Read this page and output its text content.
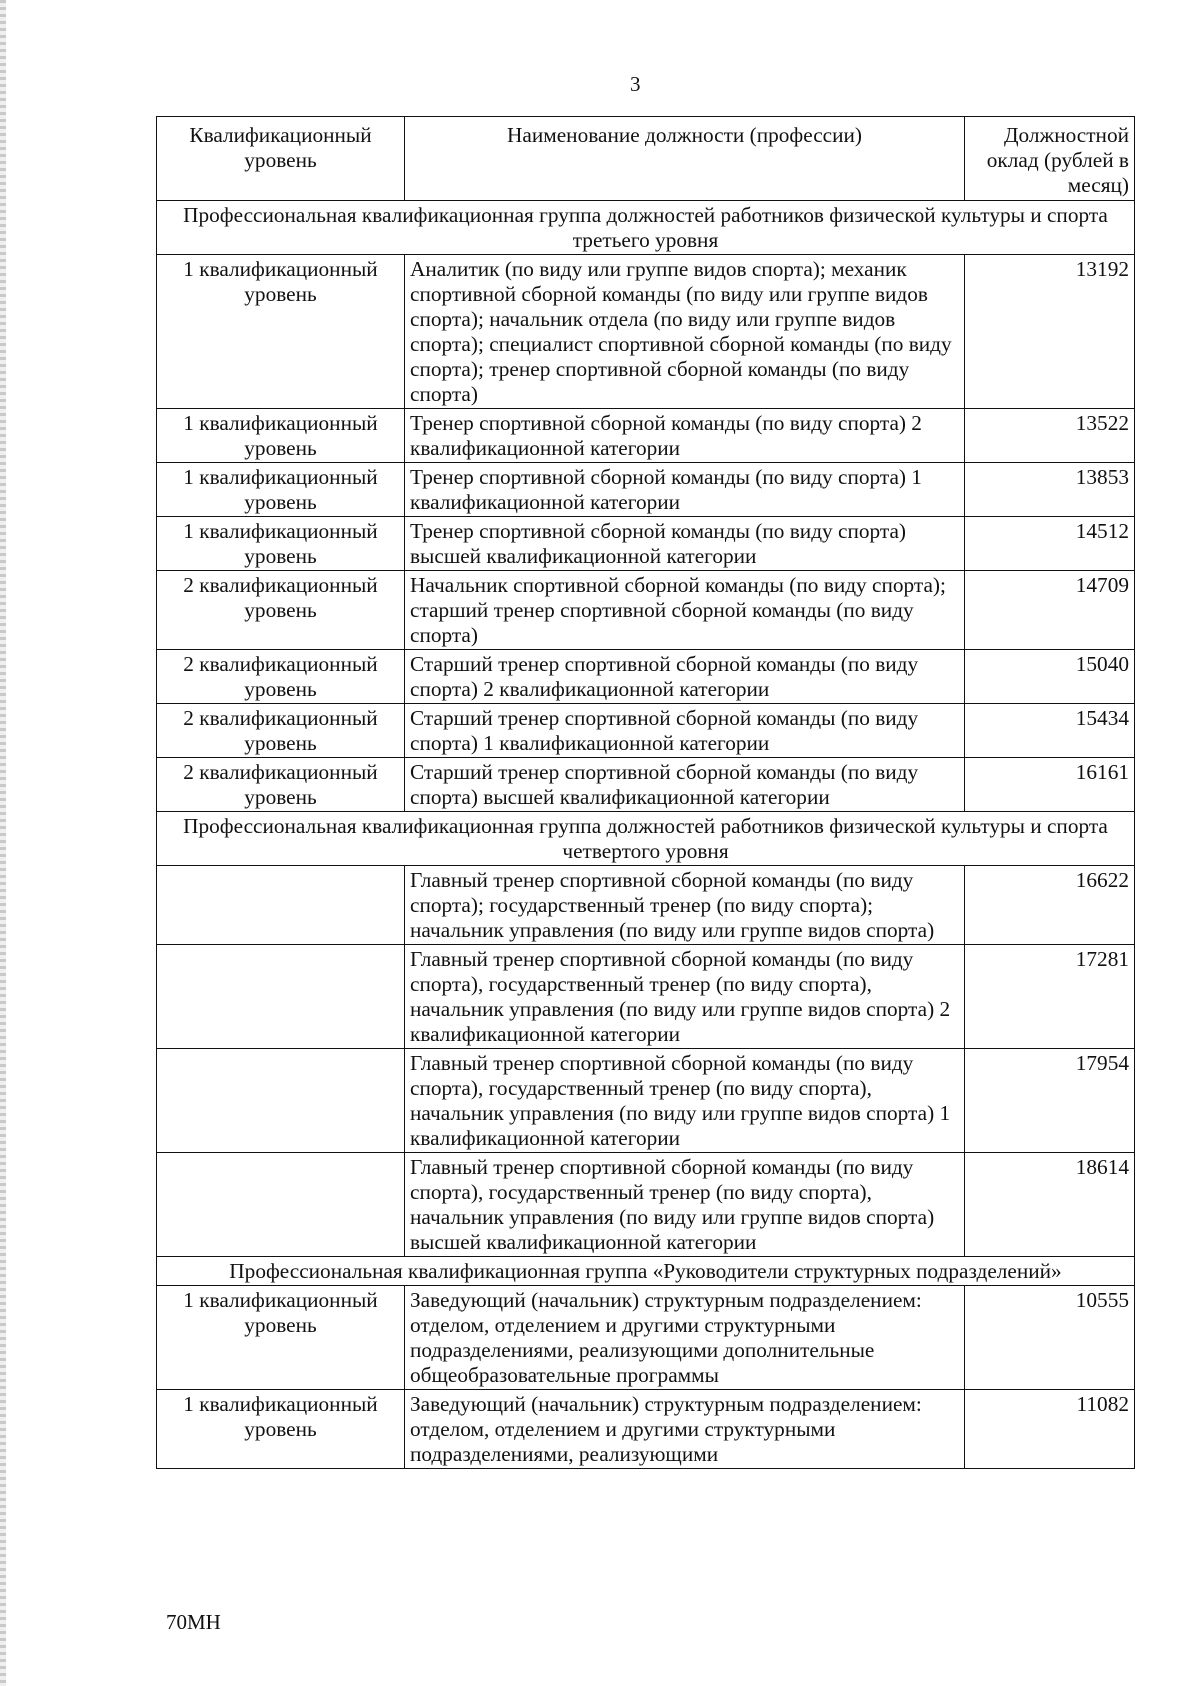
3
Квалификационный уровень	Наименование должности (профессии)	Должностной оклад (рублей в месяц)
Профессиональная квалификационная группа должностей работников физической культуры и спорта третьего уровня		
1 квалификационный уровень	Аналитик (по виду или группе видов спорта); механик спортивной сборной команды (по виду или группе видов спорта); начальник отдела (по виду или группе видов спорта); специалист спортивной сборной команды (по виду спорта); тренер спортивной сборной команды (по виду спорта)	13192
1 квалификационный уровень	Тренер спортивной сборной команды (по виду спорта) 2 квалификационной категории	13522
1 квалификационный уровень	Тренер спортивной сборной команды (по виду спорта) 1 квалификационной категории	13853
1 квалификационный уровень	Тренер спортивной сборной команды (по виду спорта) высшей квалификационной категории	14512
2 квалификационный уровень	Начальник спортивной сборной команды (по виду спорта); старший тренер спортивной сборной команды (по виду спорта)	14709
2 квалификационный уровень	Старший тренер спортивной сборной команды (по виду спорта) 2 квалификационной категории	15040
2 квалификационный уровень	Старший тренер спортивной сборной команды (по виду спорта) 1 квалификационной категории	15434
2 квалификационный уровень	Старший тренер спортивной сборной команды (по виду спорта) высшей квалификационной категории	16161
Профессиональная квалификационная группа должностей работников физической культуры и спорта четвертого уровня		
	Главный тренер спортивной сборной команды (по виду спорта); государственный тренер (по виду спорта); начальник управления (по виду или группе видов спорта)	16622
	Главный тренер спортивной сборной команды (по виду спорта), государственный тренер (по виду спорта), начальник управления (по виду или группе видов спорта) 2 квалификационной категории	17281
	Главный тренер спортивной сборной команды (по виду спорта), государственный тренер (по виду спорта), начальник управления (по виду или группе видов спорта) 1 квалификационной категории	17954
	Главный тренер спортивной сборной команды (по виду спорта), государственный тренер (по виду спорта), начальник управления (по виду или группе видов спорта) высшей квалификационной категории	18614
Профессиональная квалификационная группа «Руководители структурных подразделений»		
1 квалификационный уровень	Заведующий (начальник) структурным подразделением: отделом, отделением и другими структурными подразделениями, реализующими дополнительные общеобразовательные программы	10555
1 квалификационный уровень	Заведующий (начальник) структурным подразделением: отделом, отделением и другими структурными подразделениями, реализующими	11082
70МН
